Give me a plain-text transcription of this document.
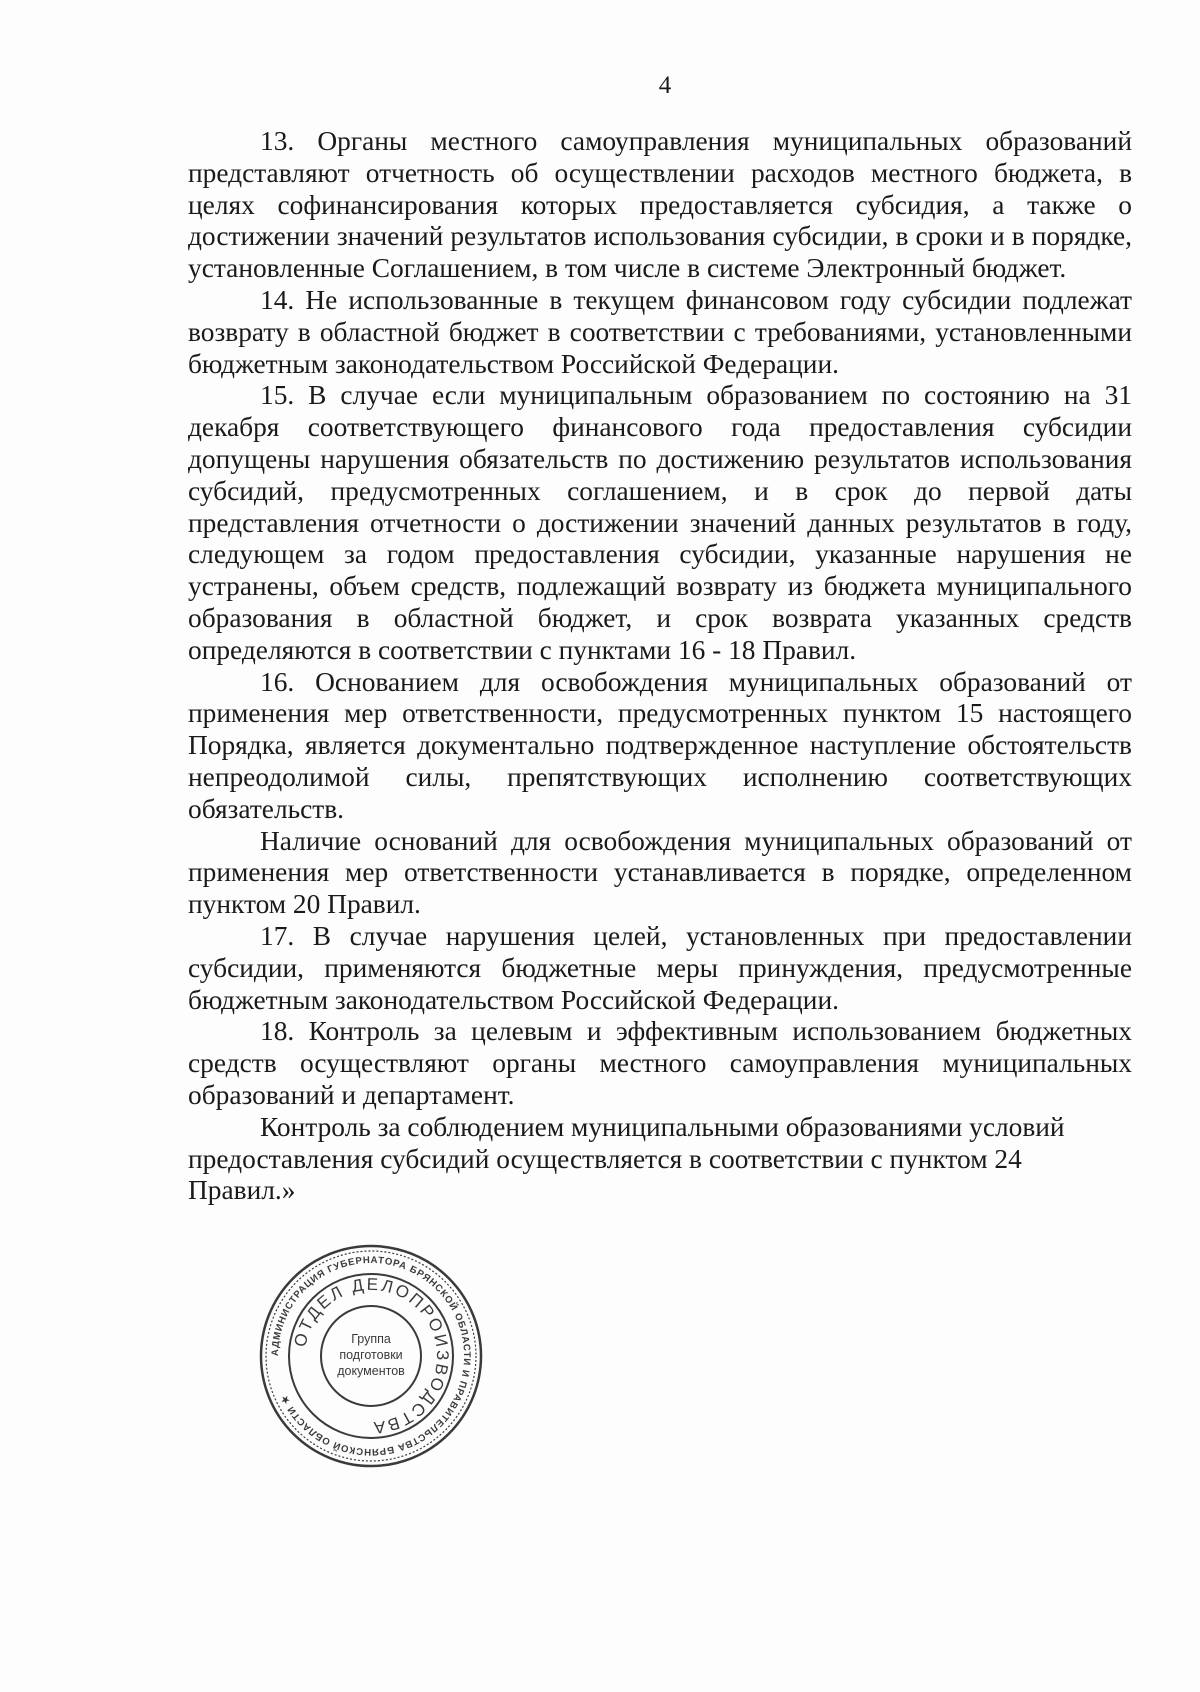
4

13. Органы местного самоуправления муниципальных образований представляют отчетность об осуществлении расходов местного бюджета, в целях софинансирования которых предоставляется субсидия, а также о достижении значений результатов использования субсидии, в сроки и в порядке, установленные Соглашением, в том числе в системе Электронный бюджет.

14. Не использованные в текущем финансовом году субсидии подлежат возврату в областной бюджет в соответствии с требованиями, установленными бюджетным законодательством Российской Федерации.

15. В случае если муниципальным образованием по состоянию на 31 декабря соответствующего финансового года предоставления субсидии допущены нарушения обязательств по достижению результатов использования субсидий, предусмотренных соглашением, и в срок до первой даты представления отчетности о достижении значений данных результатов в году, следующем за годом предоставления субсидии, указанные нарушения не устранены, объем средств, подлежащий возврату из бюджета муниципального образования в областной бюджет, и срок возврата указанных средств определяются в соответствии с пунктами 16 - 18 Правил.

16. Основанием для освобождения муниципальных образований от применения мер ответственности, предусмотренных пунктом 15 настоящего Порядка, является документально подтвержденное наступление обстоятельств непреодолимой силы, препятствующих исполнению соответствующих обязательств.

Наличие оснований для освобождения муниципальных образований от применения мер ответственности устанавливается в порядке, определенном пунктом 20 Правил.

17. В случае нарушения целей, установленных при предоставлении субсидии, применяются бюджетные меры принуждения, предусмотренные бюджетным законодательством Российской Федерации.

18. Контроль за целевым и эффективным использованием бюджетных средств осуществляют органы местного самоуправления муниципальных образований и департамент.

Контроль за соблюдением муниципальными образованиями условий предоставления субсидий осуществляется в соответствии с пунктом 24 Правил.»

АДМИНИСТРАЦИЯ ГУБЕРНАТОРА БРЯНСКОЙ ОБЛАСТИ И ПРАВИТЕЛЬСТВА БРЯНСКОЙ ОБЛАСТИ ★
ОТДЕЛ ДЕЛОПРОИЗВОДСТВА
Группа
подготовки
документов
